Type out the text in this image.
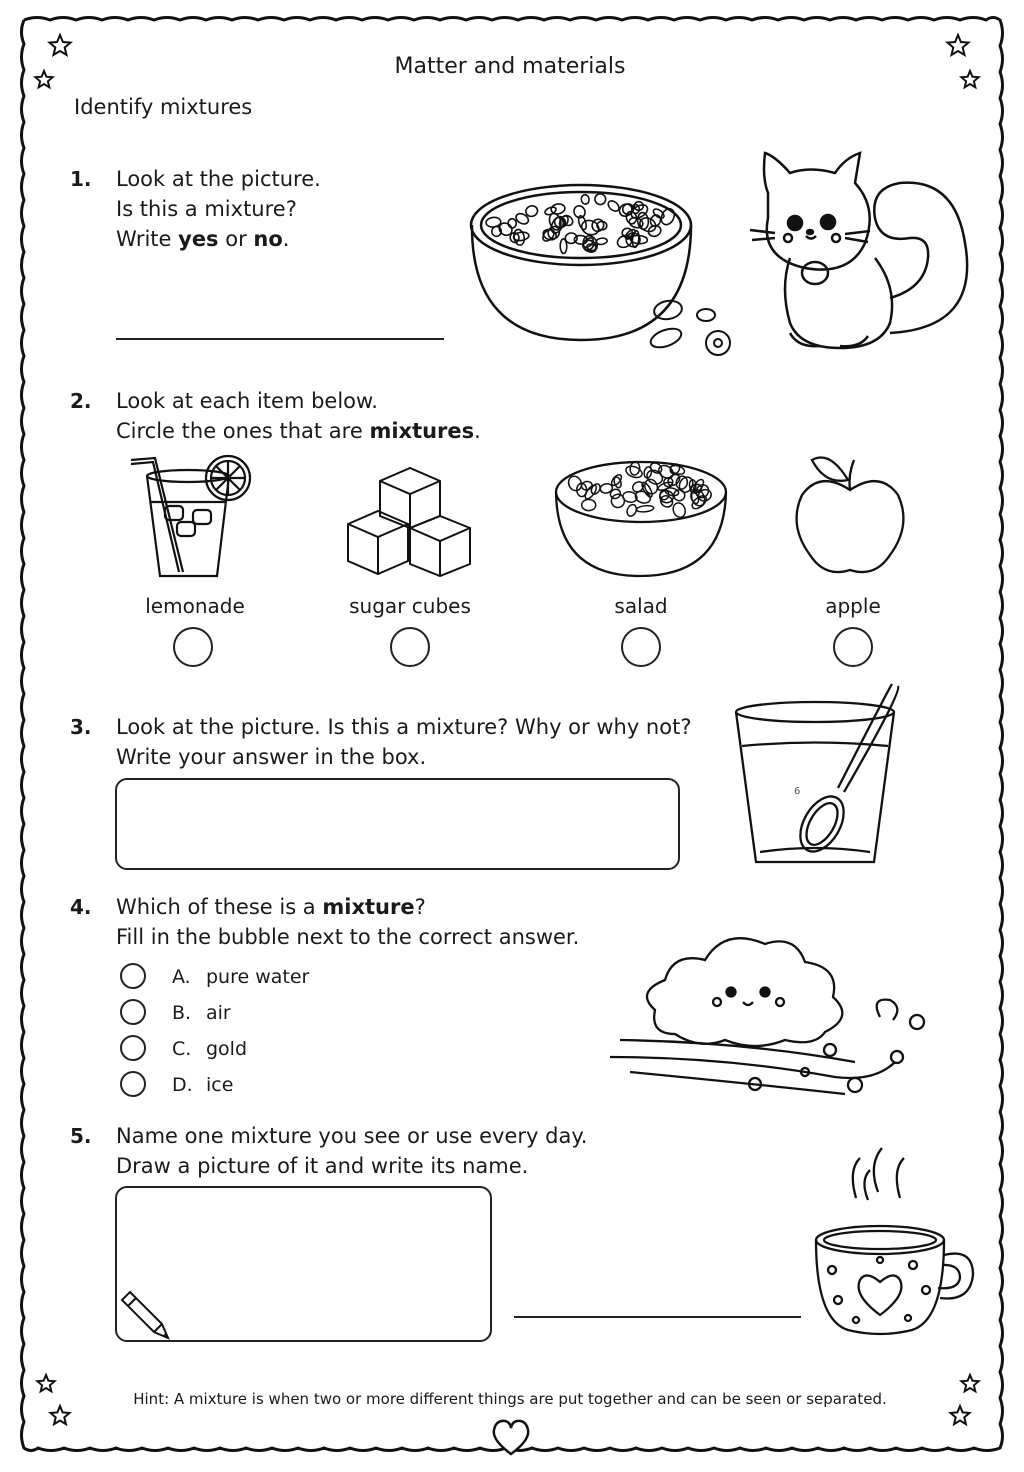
Matter and materials
Identify mixtures
1. Look at the picture.
Is this a mixture?
Write yes or no.
2. Look at each item below.
Circle the ones that are mixtures.
lemonade	sugar cubes	salad	apple
3. Look at the picture. Is this a mixture? Why or why not?
Write your answer in the box.
6
4. Which of these is a mixture?
Fill in the bubble next to the correct answer.
A. pure water
B. air
C. gold
D. ice
5. Name one mixture you see or use every day.
Draw a picture of it and write its name.
Hint: A mixture is when two or more different things are put together and can be seen or separated.
